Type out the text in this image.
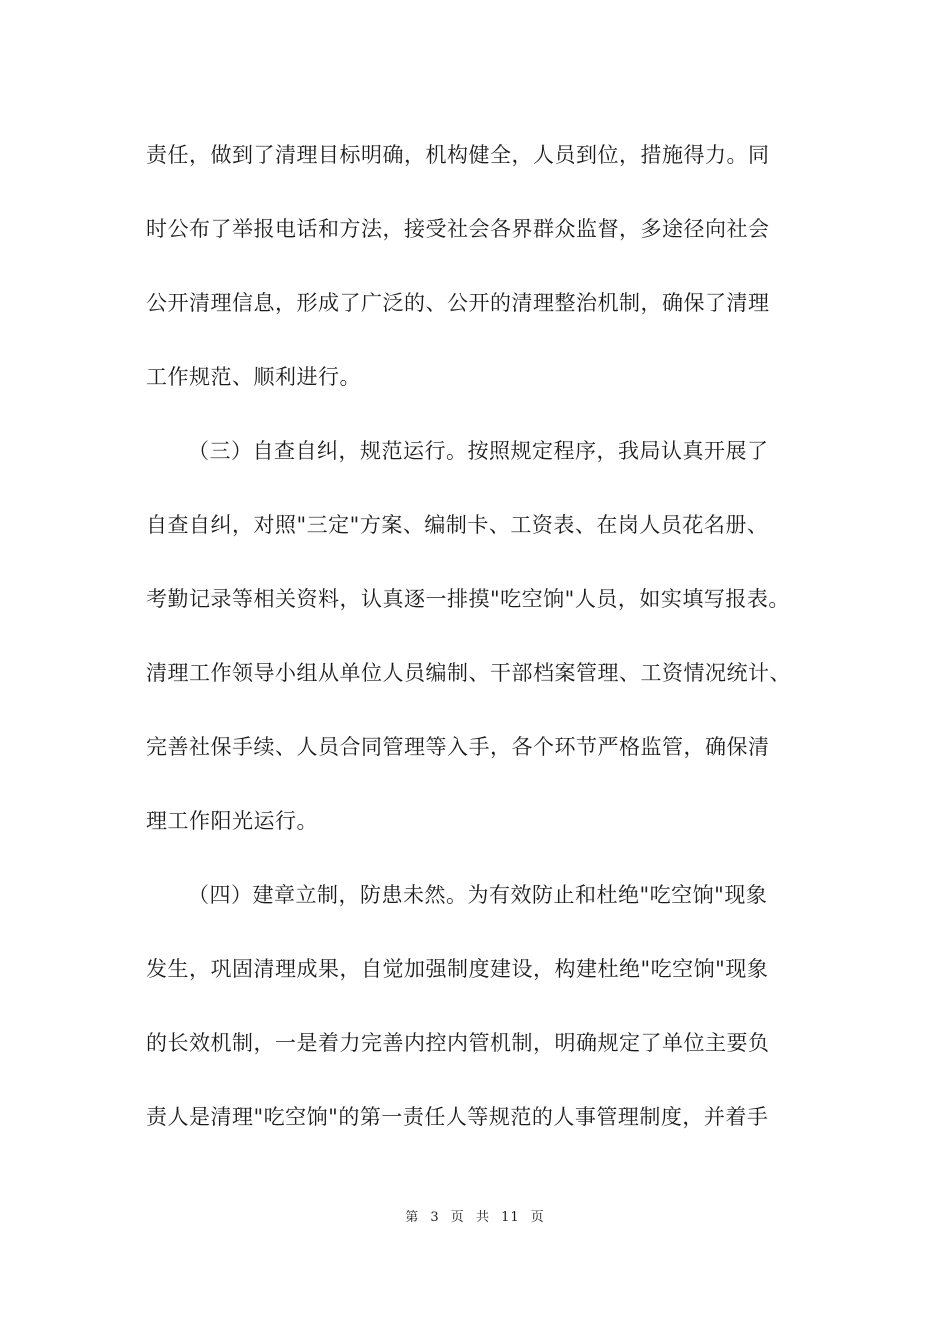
责任，做到了清理目标明确，机构健全，人员到位，措施得力。同
时公布了举报电话和方法，接受社会各界群众监督，多途径向社会
公开清理信息，形成了广泛的、公开的清理整治机制，确保了清理
工作规范、顺利进行。
（三）自查自纠，规范运行。按照规定程序，我局认真开展了
自查自纠，对照"三定"方案、编制卡、工资表、在岗人员花名册、
考勤记录等相关资料，认真逐一排摸"吃空饷"人员，如实填写报表。
清理工作领导小组从单位人员编制、干部档案管理、工资情况统计、
完善社保手续、人员合同管理等入手，各个环节严格监管，确保清
理工作阳光运行。
（四）建章立制，防患未然。为有效防止和杜绝"吃空饷"现象
发生，巩固清理成果，自觉加强制度建设，构建杜绝"吃空饷"现象
的长效机制，一是着力完善内控内管机制，明确规定了单位主要负
责人是清理"吃空饷"的第一责任人等规范的人事管理制度，并着手
第 3 页 共 11 页
